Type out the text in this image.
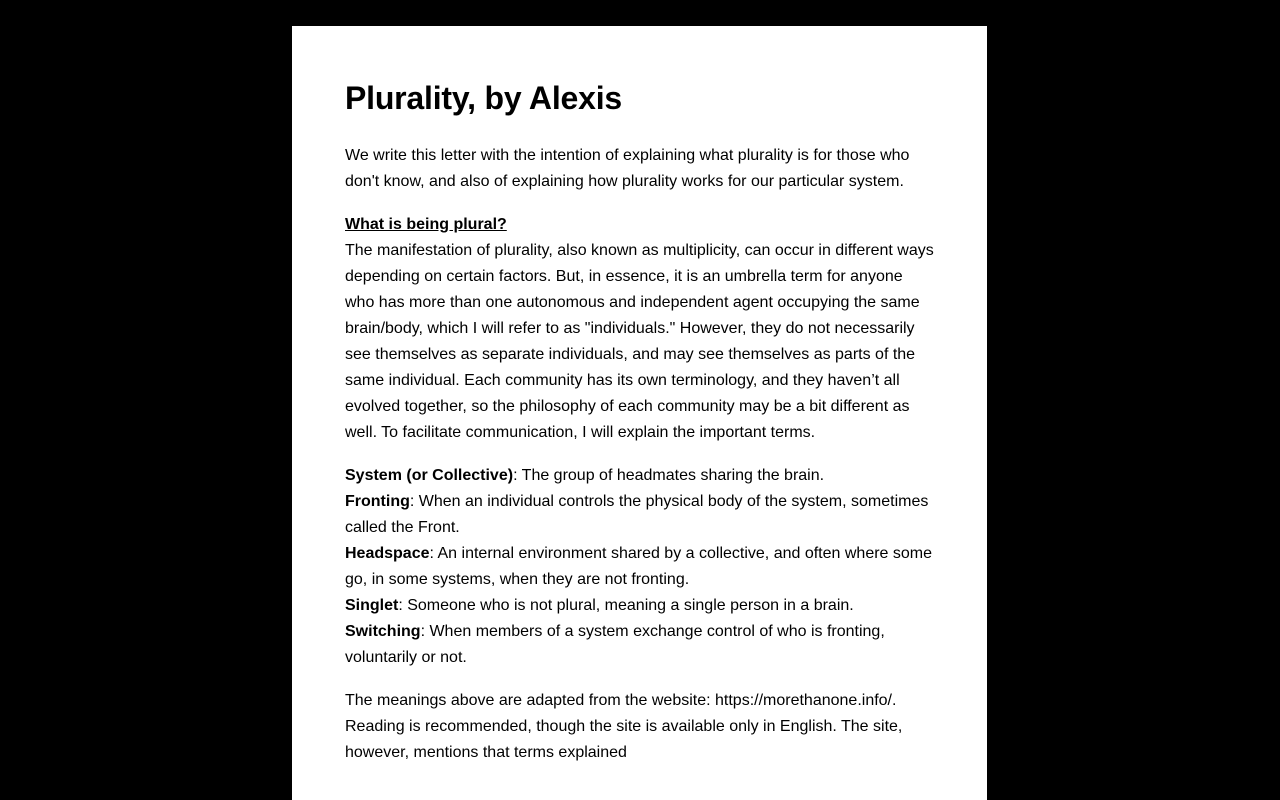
Plurality, by Alexis

We write this letter with the intention of explaining what plurality is for those who don't know, and also of explaining how plurality works for our particular system.

What is being plural?

The manifestation of plurality, also known as multiplicity, can occur in different ways depending on certain factors. But, in essence, it is an umbrella term for anyone who has more than one autonomous and independent agent occupying the same brain/body, which I will refer to as "individuals." However, they do not necessarily see themselves as separate individuals, and may see themselves as parts of the same individual. Each community has its own terminology, and they haven’t all evolved together, so the philosophy of each community may be a bit different as well. To facilitate communication, I will explain the important terms.

System (or Collective): The group of headmates sharing the brain.
Fronting: When an individual controls the physical body of the system, sometimes called the Front.
Headspace: An internal environment shared by a collective, and often where some go, in some systems, when they are not fronting.
Singlet: Someone who is not plural, meaning a single person in a brain.
Switching: When members of a system exchange control of who is fronting, voluntarily or not.

The meanings above are adapted from the website: https://morethanone.info/. Reading is recommended, though the site is available only in English. The site, however, mentions that terms explained
